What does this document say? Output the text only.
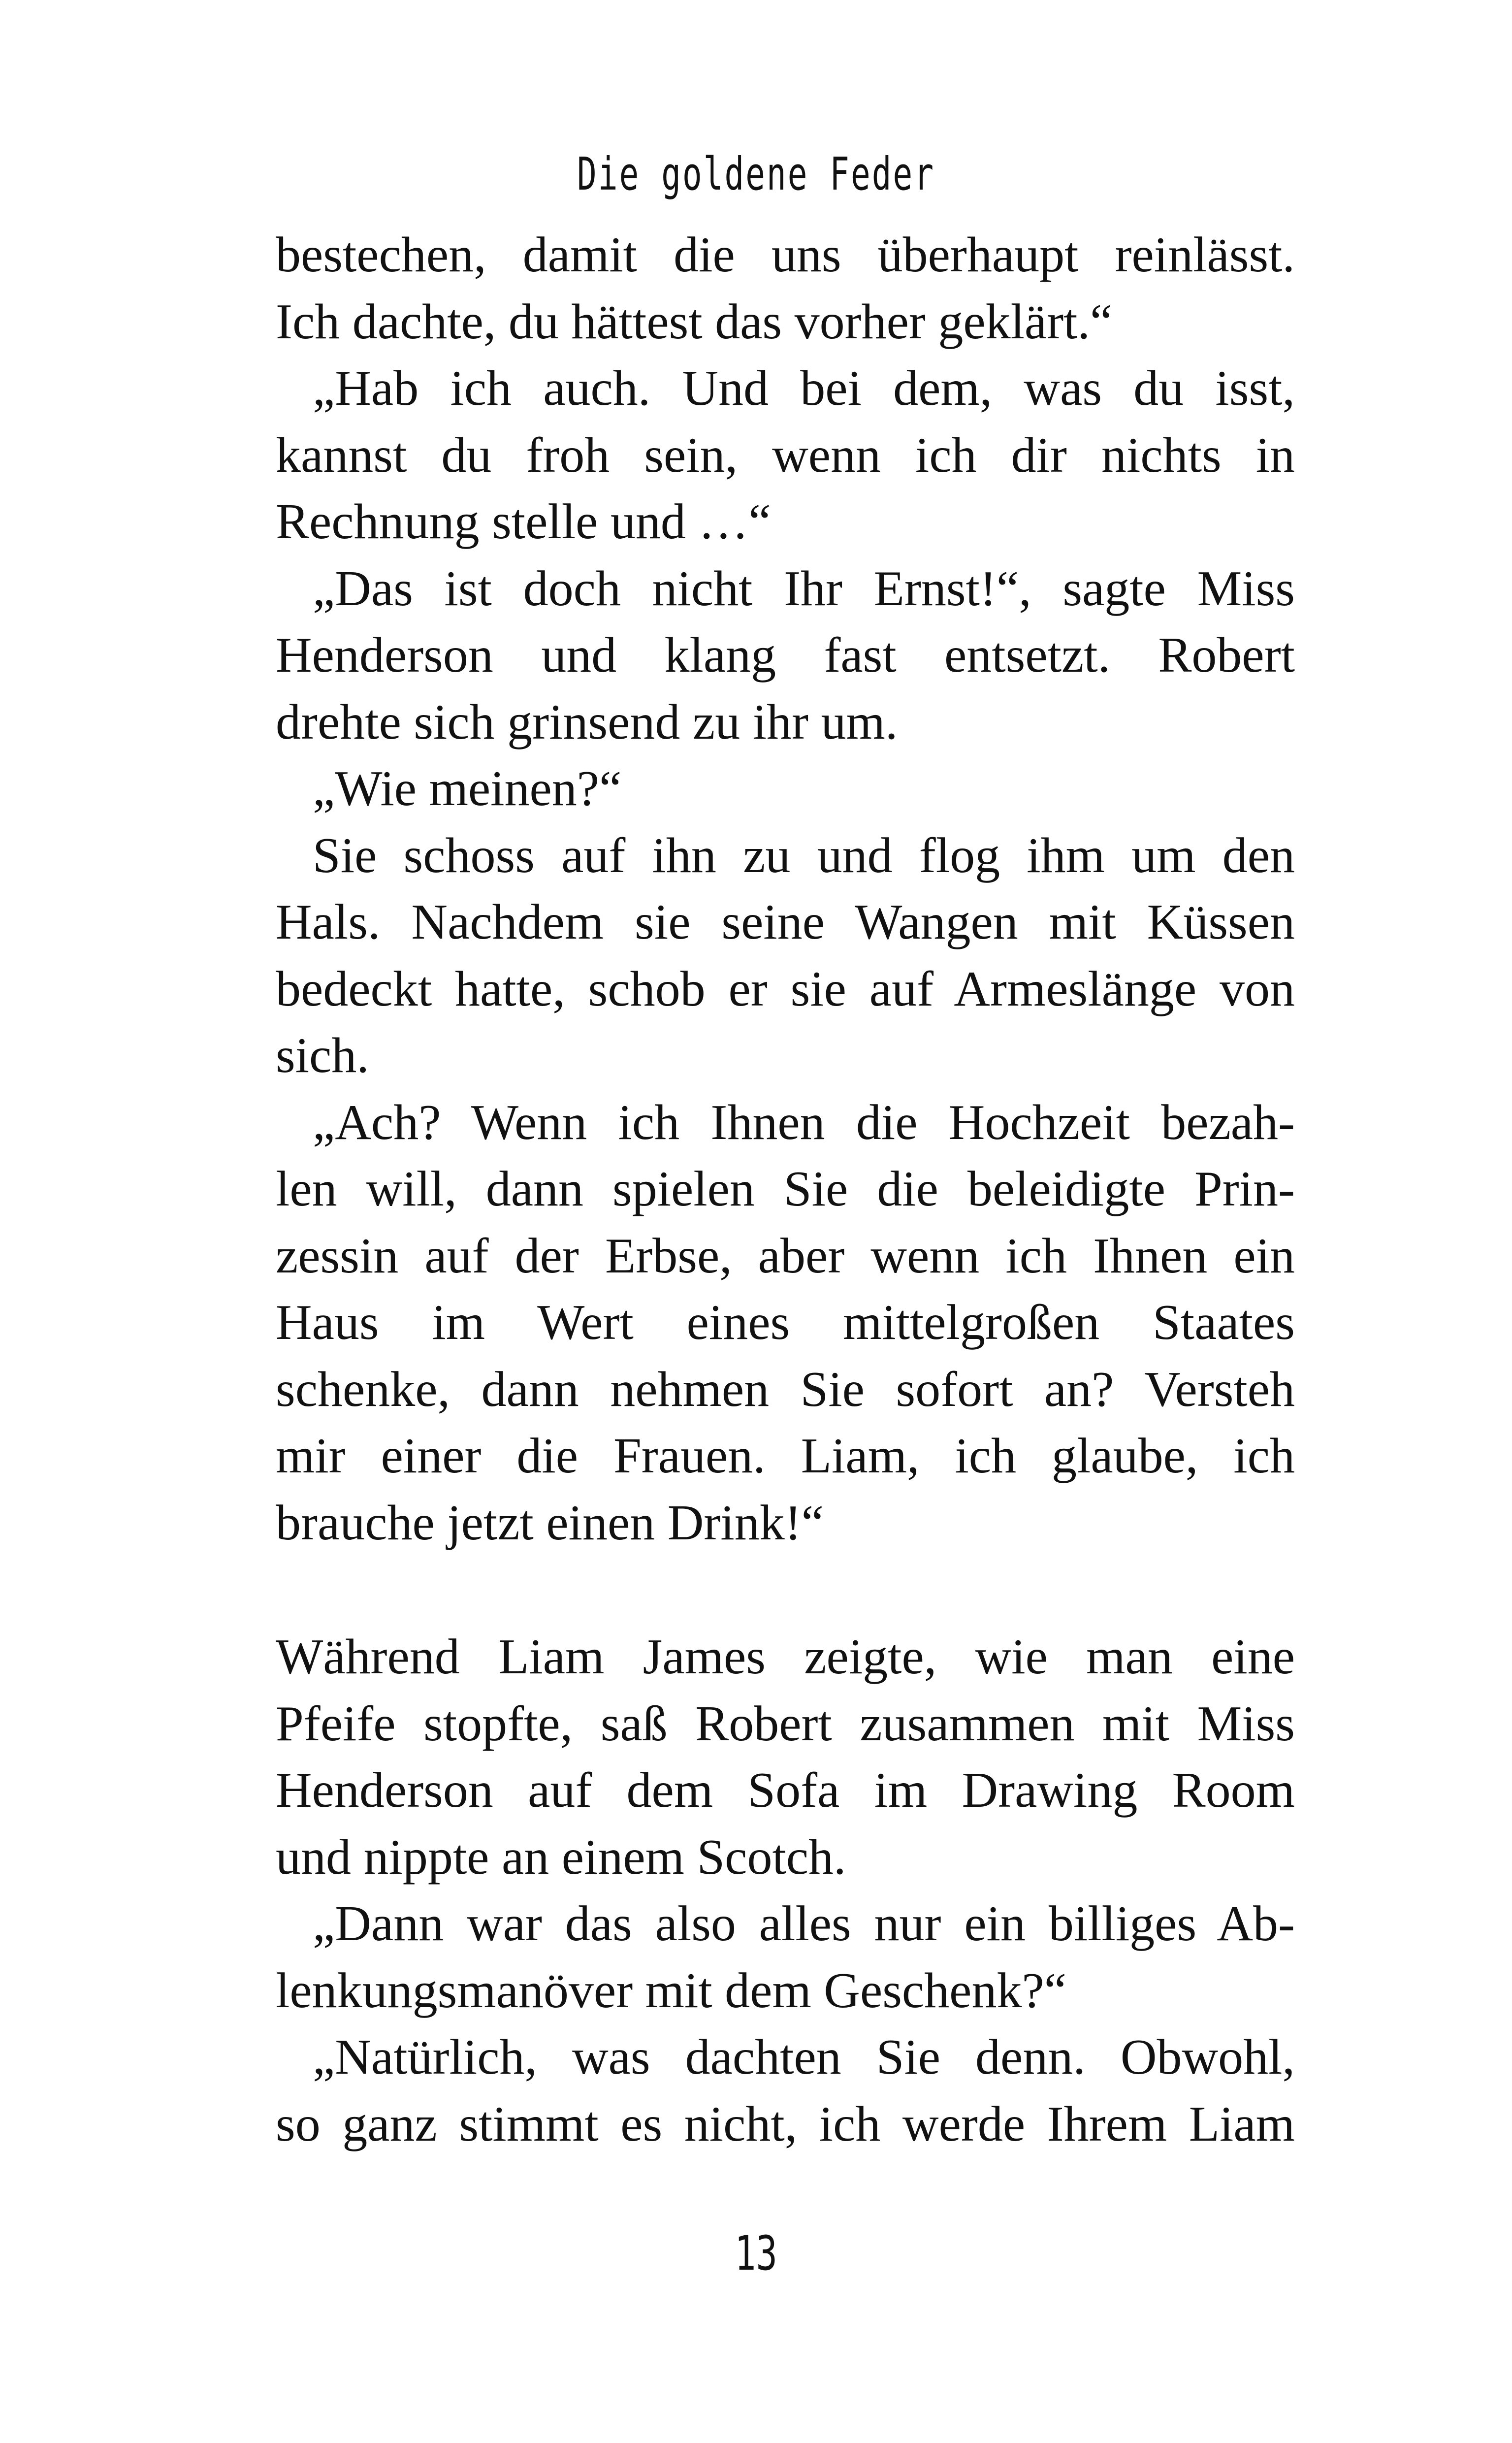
Die goldene Feder
bestechen, damit die uns überhaupt reinlässt.
Ich dachte, du hättest das vorher geklärt.“
„Hab ich auch. Und bei dem, was du isst,
kannst du froh sein, wenn ich dir nichts in
Rechnung stelle und …“
„Das ist doch nicht Ihr Ernst!“, sagte Miss
Henderson und klang fast entsetzt. Robert
drehte sich grinsend zu ihr um.
„Wie meinen?“
Sie schoss auf ihn zu und flog ihm um den
Hals. Nachdem sie seine Wangen mit Küssen
bedeckt hatte, schob er sie auf Armeslänge von
sich.
„Ach? Wenn ich Ihnen die Hochzeit bezah-
len will, dann spielen Sie die beleidigte Prin-
zessin auf der Erbse, aber wenn ich Ihnen ein
Haus im Wert eines mittelgroßen Staates
schenke, dann nehmen Sie sofort an? Versteh
mir einer die Frauen. Liam, ich glaube, ich
brauche jetzt einen Drink!“
Während Liam James zeigte, wie man eine
Pfeife stopfte, saß Robert zusammen mit Miss
Henderson auf dem Sofa im Drawing Room
und nippte an einem Scotch.
„Dann war das also alles nur ein billiges Ab-
lenkungsmanöver mit dem Geschenk?“
„Natürlich, was dachten Sie denn. Obwohl,
so ganz stimmt es nicht, ich werde Ihrem Liam
13
